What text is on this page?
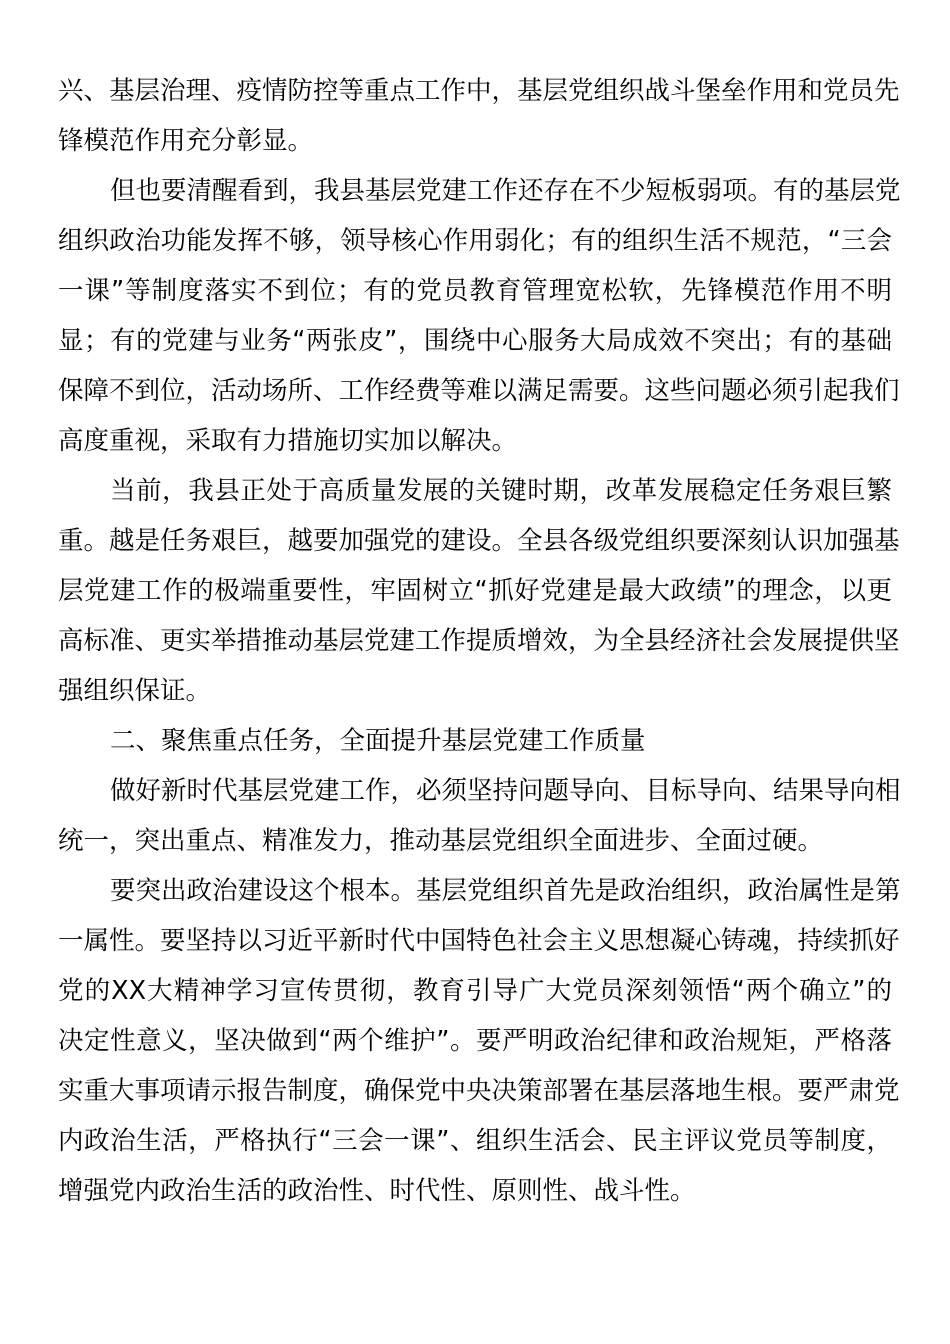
兴、基层治理、疫情防控等重点工作中，基层党组织战斗堡垒作用和党员先
锋模范作用充分彰显。

但也要清醒看到，我县基层党建工作还存在不少短板弱项。有的基层党
组织政治功能发挥不够，领导核心作用弱化；有的组织生活不规范，“三会
一课”等制度落实不到位；有的党员教育管理宽松软，先锋模范作用不明
显；有的党建与业务“两张皮”，围绕中心服务大局成效不突出；有的基础
保障不到位，活动场所、工作经费等难以满足需要。这些问题必须引起我们
高度重视，采取有力措施切实加以解决。

当前，我县正处于高质量发展的关键时期，改革发展稳定任务艰巨繁
重。越是任务艰巨，越要加强党的建设。全县各级党组织要深刻认识加强基
层党建工作的极端重要性，牢固树立“抓好党建是最大政绩”的理念，以更
高标准、更实举措推动基层党建工作提质增效，为全县经济社会发展提供坚
强组织保证。

二、聚焦重点任务，全面提升基层党建工作质量

做好新时代基层党建工作，必须坚持问题导向、目标导向、结果导向相
统一，突出重点、精准发力，推动基层党组织全面进步、全面过硬。

要突出政治建设这个根本。基层党组织首先是政治组织，政治属性是第
一属性。要坚持以习近平新时代中国特色社会主义思想凝心铸魂，持续抓好
党的XX大精神学习宣传贯彻，教育引导广大党员深刻领悟“两个确立”的
决定性意义，坚决做到“两个维护”。要严明政治纪律和政治规矩，严格落
实重大事项请示报告制度，确保党中央决策部署在基层落地生根。要严肃党
内政治生活，严格执行“三会一课”、组织生活会、民主评议党员等制度，
增强党内政治生活的政治性、时代性、原则性、战斗性。
